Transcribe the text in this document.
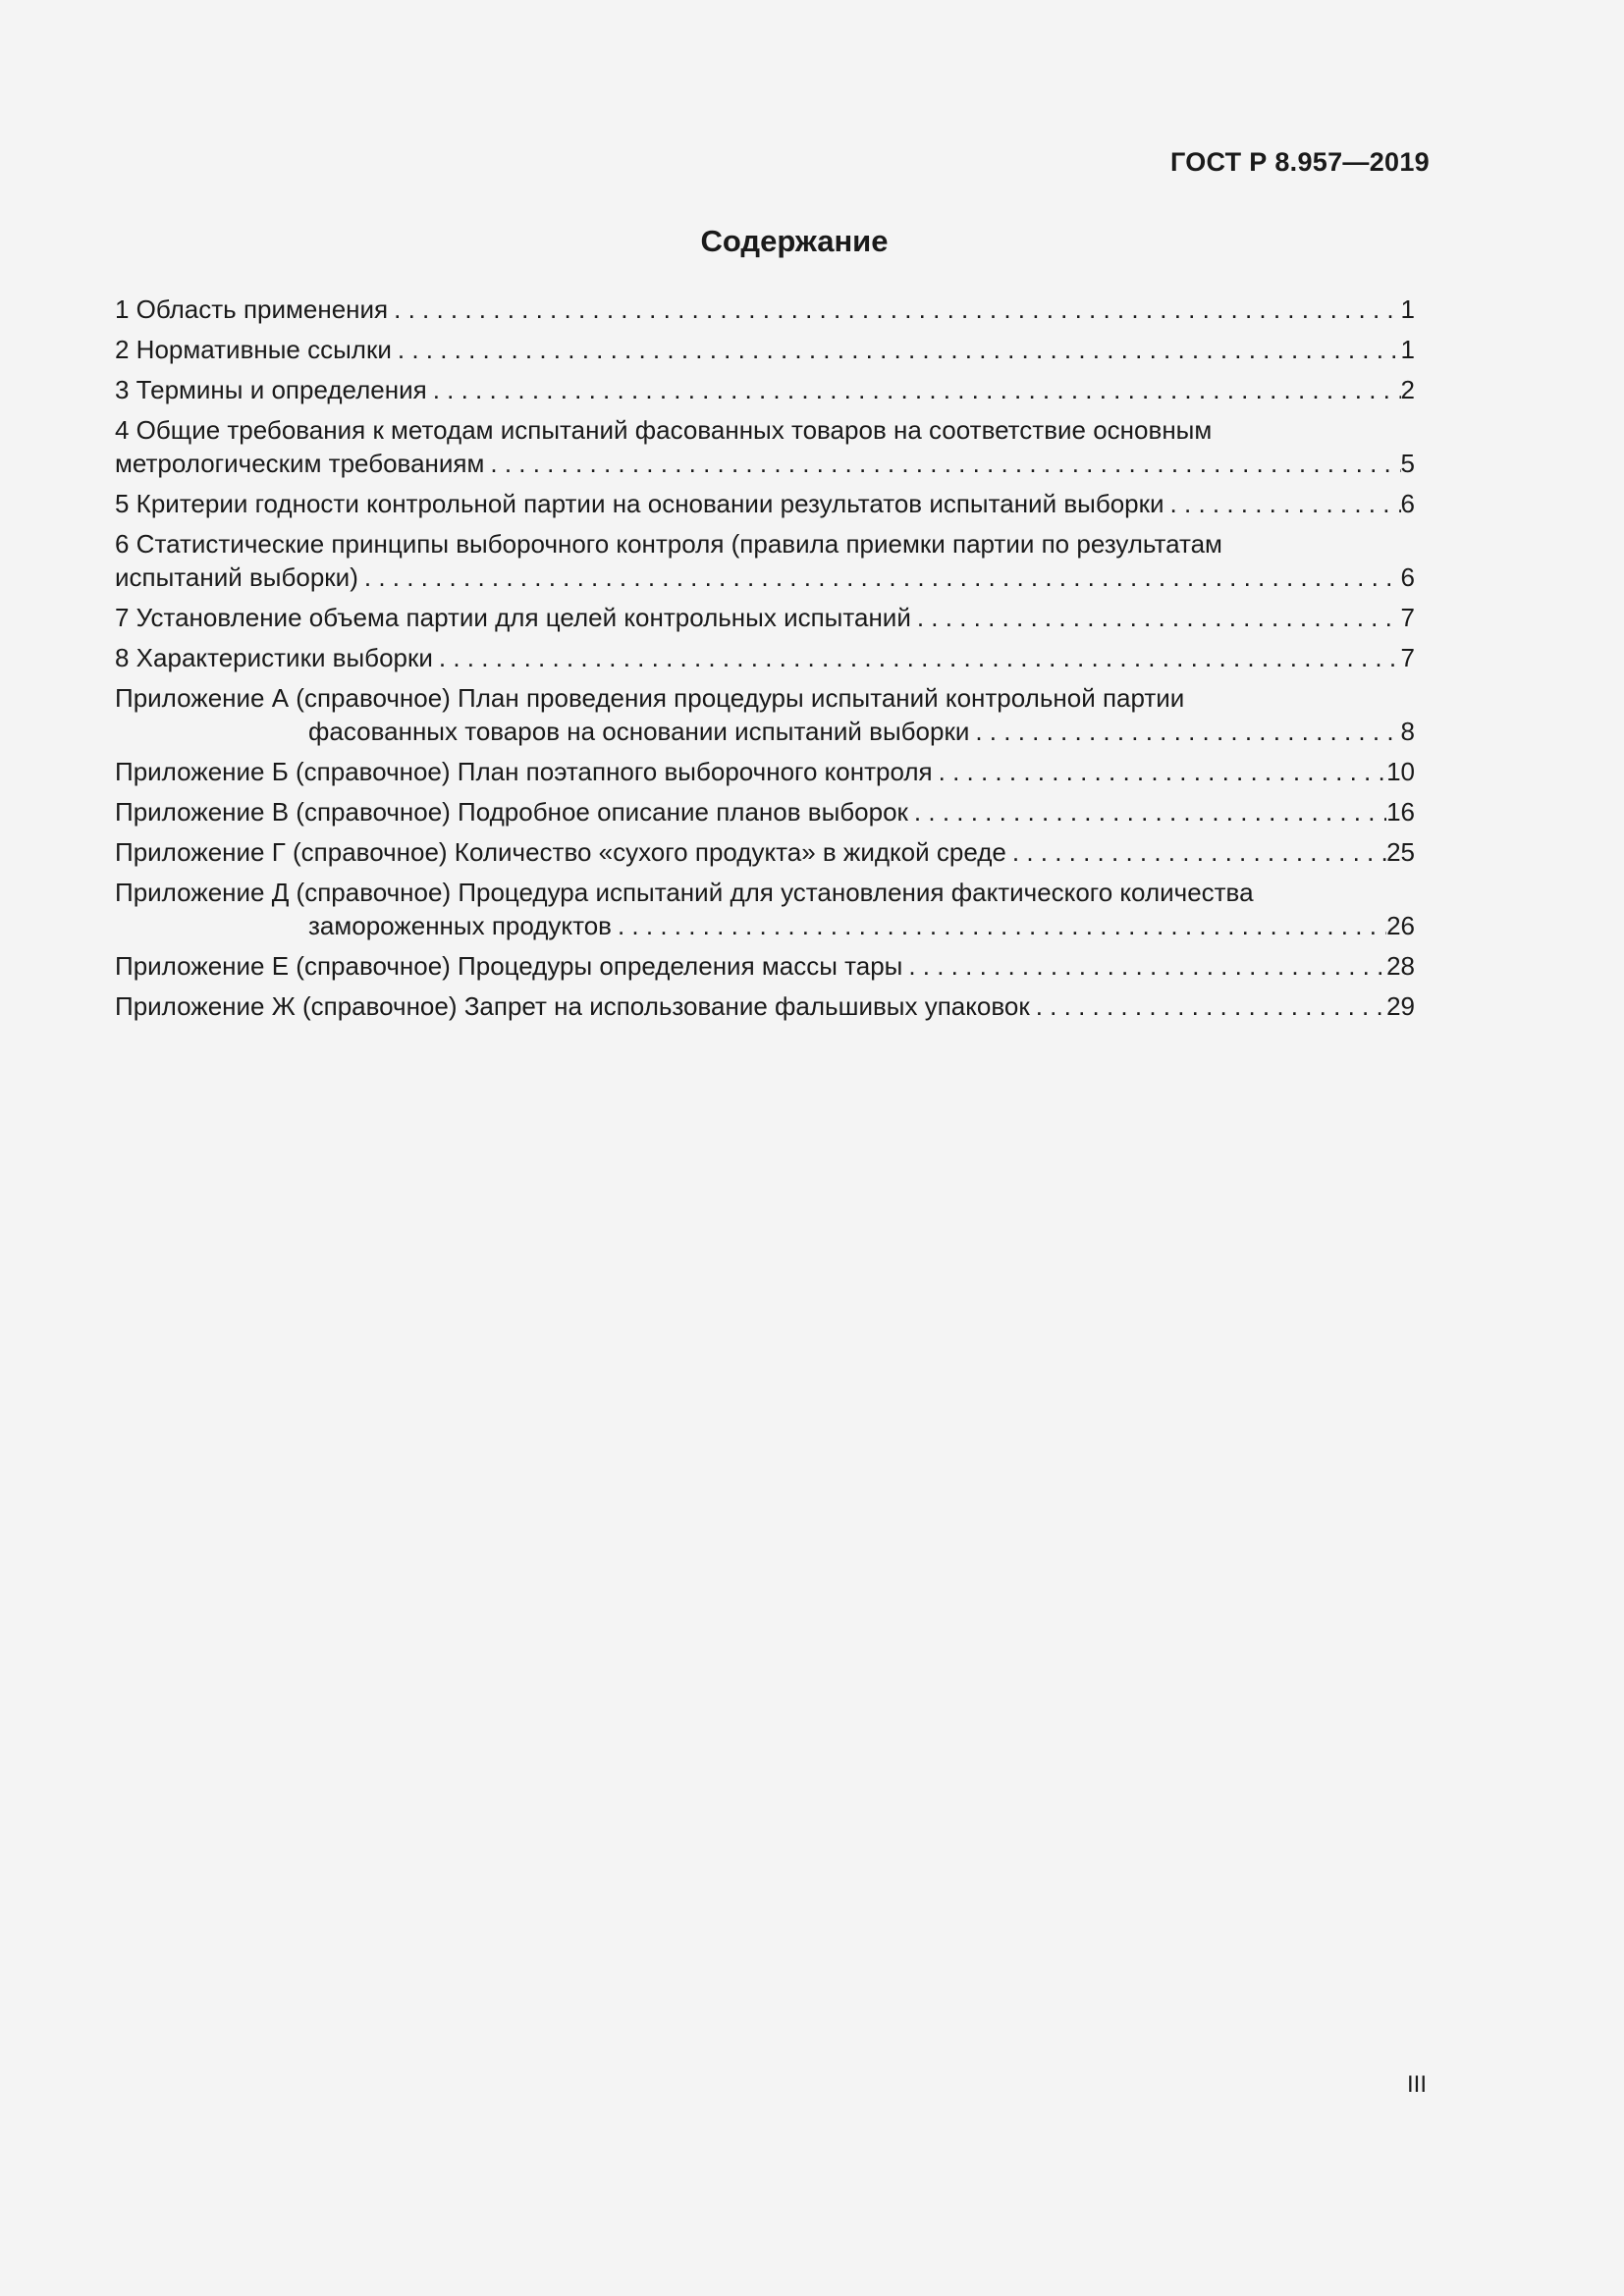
ГОСТ Р 8.957—2019
Содержание
1 Область применения . . .	1
2 Нормативные ссылки . . .	1
3 Термины и определения . . .	2
4 Общие требования к методам испытаний фасованных товаров на соответствие основным
метрологическим требованиям . . .	5
5 Критерии годности контрольной партии на основании результатов испытаний выборки . . .	6
6 Статистические принципы выборочного контроля (правила приемки партии по результатам
испытаний выборки) . . .	6
7 Установление объема партии для целей контрольных испытаний . . .	7
8 Характеристики выборки . . .	7
Приложение А (справочное) План проведения процедуры испытаний контрольной партии
фасованных товаров на основании испытаний выборки . . .	8
Приложение Б (справочное) План поэтапного выборочного контроля . . .	10
Приложение В (справочное) Подробное описание планов выборок . . .	16
Приложение Г (справочное) Количество «сухого продукта» в жидкой среде . . .	25
Приложение Д (справочное) Процедура испытаний для установления фактического количества
замороженных продуктов . . .	26
Приложение Е (справочное) Процедуры определения массы тары . . .	28
Приложение Ж (справочное) Запрет на использование фальшивых упаковок . . .	29
III
